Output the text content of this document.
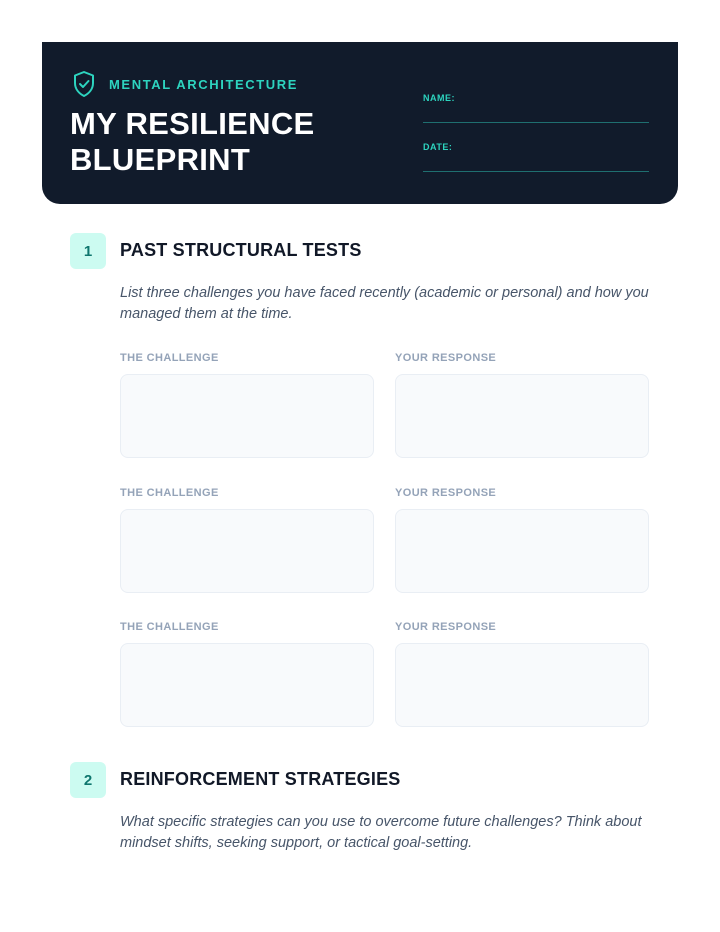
MENTAL ARCHITECTURE
MY RESILIENCE
BLUEPRINT
NAME:
DATE:
1	PAST STRUCTURAL TESTS
List three challenges you have faced recently (academic or personal) and how you managed them at the time.
THE CHALLENGE	YOUR RESPONSE
THE CHALLENGE	YOUR RESPONSE
THE CHALLENGE	YOUR RESPONSE
2	REINFORCEMENT STRATEGIES
What specific strategies can you use to overcome future challenges? Think about mindset shifts, seeking support, or tactical goal-setting.
